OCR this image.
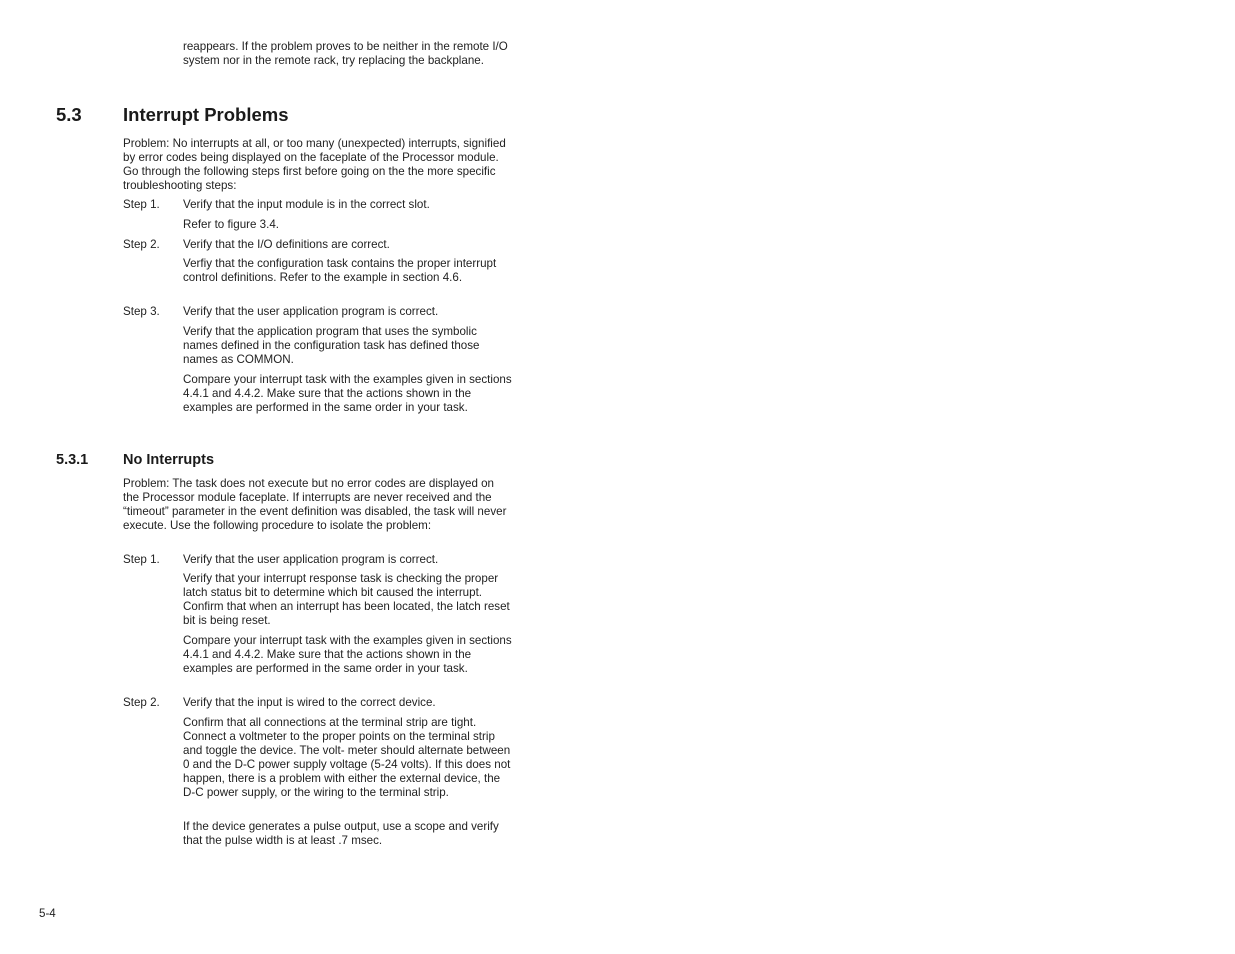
reappears. If the problem proves to be neither in the remote I/O system nor in the remote rack, try replacing the backplane.

5.3 Interrupt Problems

Problem: No interrupts at all, or too many (unexpected) interrupts, signified by error codes being displayed on the faceplate of the Processor module. Go through the following steps first before going on the the more specific troubleshooting steps:

Step 1. Verify that the input module is in the correct slot.

Refer to figure 3.4.

Step 2. Verify that the I/O definitions are correct.

Verfiy that the configuration task contains the proper interrupt control definitions. Refer to the example in section 4.6.

Step 3. Verify that the user application program is correct.

Verify that the application program that uses the symbolic names defined in the configuration task has defined those names as COMMON.

Compare your interrupt task with the examples given in sections 4.4.1 and 4.4.2. Make sure that the actions shown in the examples are performed in the same order in your task.

5.3.1 No Interrupts

Problem: The task does not execute but no error codes are displayed on the Processor module faceplate. If interrupts are never received and the “timeout” parameter in the event definition was disabled, the task will never execute. Use the following procedure to isolate the problem:

Step 1. Verify that the user application program is correct.

Verify that your interrupt response task is checking the proper latch status bit to determine which bit caused the interrupt. Confirm that when an interrupt has been located, the latch reset bit is being reset.

Compare your interrupt task with the examples given in sections 4.4.1 and 4.4.2. Make sure that the actions shown in the examples are performed in the same order in your task.

Step 2. Verify that the input is wired to the correct device.

Confirm that all connections at the terminal strip are tight. Connect a voltmeter to the proper points on the terminal strip and toggle the device. The volt- meter should alternate between 0 and the D-C power supply voltage (5-24 volts). If this does not happen, there is a problem with either the external device, the D-C power supply, or the wiring to the terminal strip.

If the device generates a pulse output, use a scope and verify that the pulse width is at least .7 msec.

5-4
